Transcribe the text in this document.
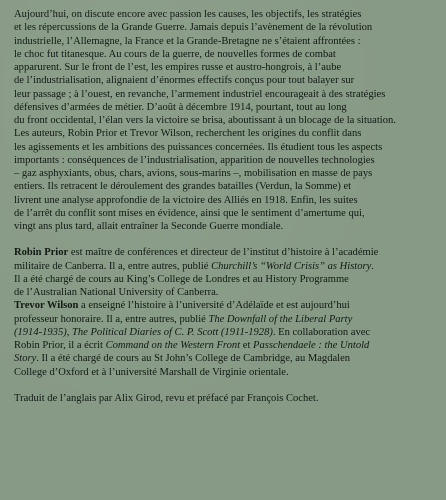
Aujourd’hui, on discute encore avec passion les causes, les objectifs, les stratégies
et les répercussions de la Grande Guerre. Jamais depuis l’avènement de la révolution
industrielle, l’Allemagne, la France et la Grande-Bretagne ne s’étaient affrontées :
le choc fut titanesque. Au cours de la guerre, de nouvelles formes de combat
apparurent. Sur le front de l’est, les empires russe et austro-hongrois, à l’aube
de l’industrialisation, alignaient d’énormes effectifs conçus pour tout balayer sur
leur passage ; à l’ouest, en revanche, l’armement industriel encourageait à des stratégies
défensives d’armées de métier. D’août à décembre 1914, pourtant, tout au long
du front occidental, l’élan vers la victoire se brisa, aboutissant à un blocage de la situation.
Les auteurs, Robin Prior et Trevor Wilson, recherchent les origines du conflit dans
les agissements et les ambitions des puissances concernées. Ils étudient tous les aspects
importants : conséquences de l’industrialisation, apparition de nouvelles technologies
– gaz asphyxiants, obus, chars, avions, sous-marins –, mobilisation en masse de pays
entiers. Ils retracent le déroulement des grandes batailles (Verdun, la Somme) et
livrent une analyse approfondie de la victoire des Alliés en 1918. Enfin, les suites
de l’arrêt du conflit sont mises en évidence, ainsi que le sentiment d’amertume qui,
vingt ans plus tard, allait entraîner la Seconde Guerre mondiale.
Robin Prior est maître de conférences et directeur de l’institut d’histoire à l’académie
militaire de Canberra. Il a, entre autres, publié Churchill’s “World Crisis” as History.
Il a été chargé de cours au King’s College de Londres et au History Programme
de l’Australian National University of Canberra.
Trevor Wilson a enseigné l’histoire à l’université d’Adélaïde et est aujourd’hui
professeur honoraire. Il a, entre autres, publié The Downfall of the Liberal Party
(1914-1935), The Political Diaries of C. P. Scott (1911-1928). En collaboration avec
Robin Prior, il a écrit Command on the Western Front et Passchendaele : the Untold
Story. Il a été chargé de cours au St John’s College de Cambridge, au Magdalen
College d’Oxford et à l’université Marshall de Virginie orientale.
Traduit de l’anglais par Alix Girod, revu et préfacé par François Cochet.
